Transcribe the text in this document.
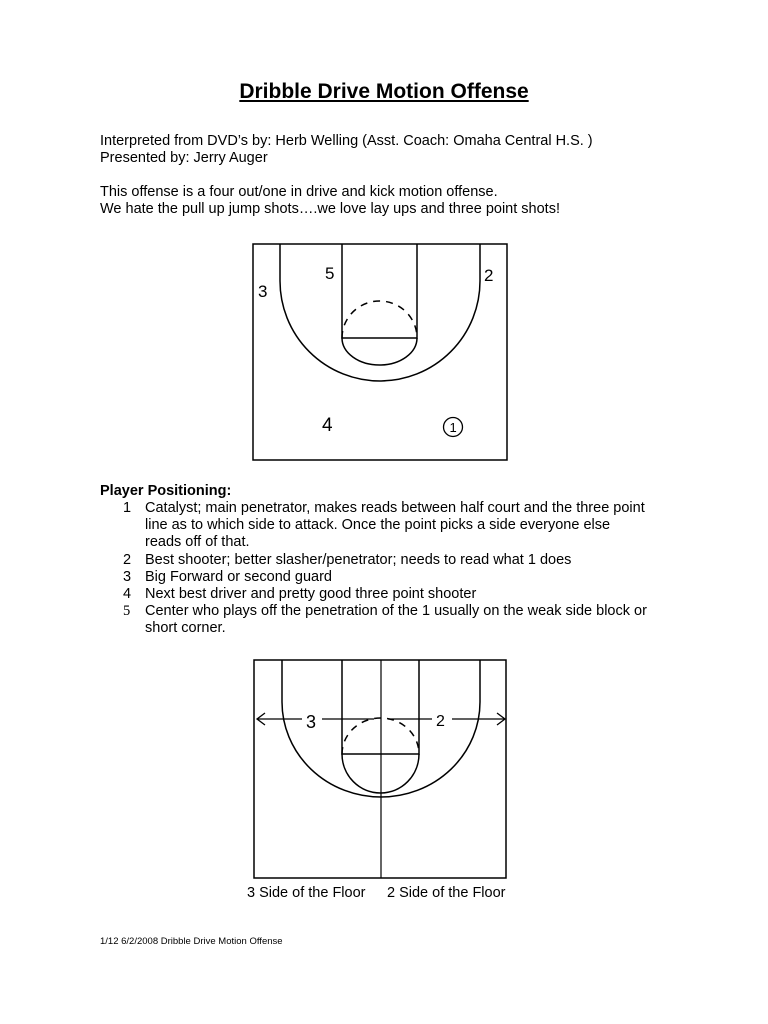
Dribble Drive Motion Offense
Interpreted from DVD’s by: Herb Welling (Asst. Coach: Omaha Central H.S. )
Presented by: Jerry Auger
This offense is a four out/one in drive and kick motion offense.
We hate the pull up jump shots….we love lay ups and three point shots!
5	2
3
4	1
Player Positioning:
1 Catalyst; main penetrator, makes reads between half court and the three point
line as to which side to attack. Once the point picks a side everyone else
reads off of that.
2 Best shooter; better slasher/penetrator; needs to read what 1 does
3 Big Forward or second guard
4 Next best driver and pretty good three point shooter
5	Center who plays off the penetration of the 1 usually on the weak side block or
short corner.
3	2
3 Side of the Floor 2 Side of the Floor
1/12 6/2/2008 Dribble Drive Motion Offense
